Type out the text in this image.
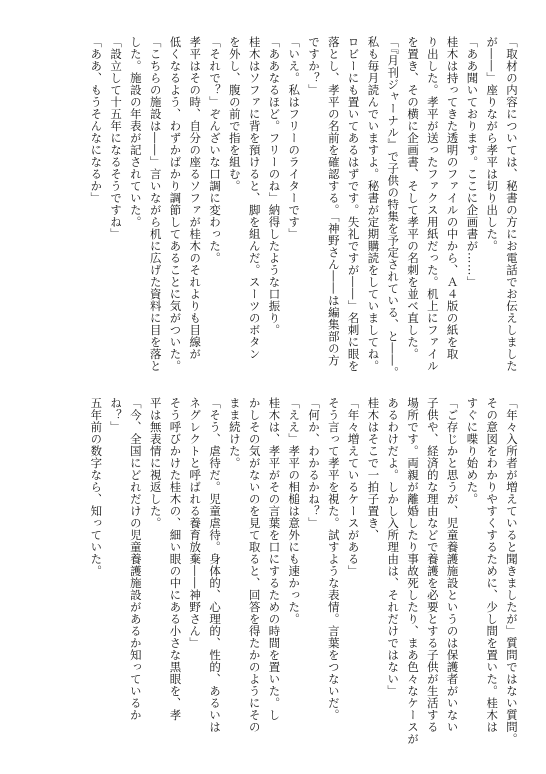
「取材の内容については、秘書の方にお電話でお伝えしました
が――」座りながら孝平は切り出した。
「ああ聞いております。ここに企画書が……」
桂木は持ってきた透明のファイルの中から、Ａ４版の紙を取
り出した。孝平が送ったファクス用紙だった。机上にファイル
を置き、その横に企画書、そして孝平の名刺を並べ直した。
「『月刊ジャーナル』で子供の特集を予定されている、と――。
私も毎月読んでいますよ。秘書が定期購読をしていましてね。
ロビーにも置いてあるはずです。失礼ですが――」名刺に眼を
落とし、孝平の名前を確認する。「神野さん――は編集部の方
ですか？」
「いえ。私はフリーのライターです」
「ああなるほど。フリーのね」納得したような口振り。
桂木はソファに背を預けると、脚を組んだ。スーツのボタン
を外し、腹の前で指を組む。
「それで？」ぞんざいな口調に変わった。
孝平はその時、自分の座るソファが桂木のそれよりも目線が
低くなるよう、わずかばかり調節してあることに気がついた。
「こちらの施設は――」言いながら机に広げた資料に目を落と
した。施設の年表が記されていた。
「設立して十五年になるそうですね」
「ああ、もうそんなになるか」
「年々入所者が増えていると聞きましたが」質問ではない質問。
その意図をわかりやすくするために、少し間を置いた。桂木は
すぐに喋り始めた。
「ご存じかと思うが、児童養護施設というのは保護者がいない
子供や、経済的な理由などで養護を必要とする子供が生活する
場所です。両親が離婚したり事故死したり、まあ色々なケースが
あるわけだよ。しかし入所理由は、それだけではない」
桂木はそこで一拍子置き、
「年々増えているケースがある」
そう言って孝平を視た。試すような表情。言葉をつないだ。
「何か、わかるかね？」
「ええ」孝平の相槌は意外にも速かった。
桂木は、孝平がその言葉を口にするための時間を置いた。し
かしその気がないのを見て取ると、回答を得たかのようにその
まま続けた。
「そう、虐待だ。児童虐待。身体的、心理的、性的、あるいは
ネグレクトと呼ばれる養育放棄――神野さん」
そう呼びかけた桂木の、細い眼の中にある小さな黒眼を、孝
平は無表情に視返した。
「今、全国にどれだけの児童養護施設があるか知っているか
ね？」
五年前の数字なら、知っていた。
